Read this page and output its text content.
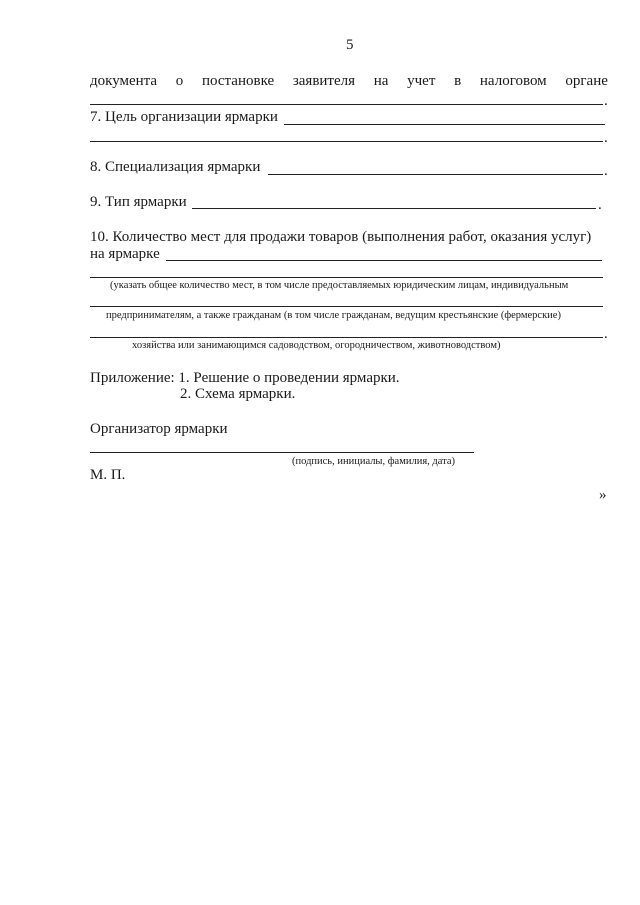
5
документа о постановке заявителя на учет в налоговом органе
.
7. Цель организации ярмарки
.
8. Специализация ярмарки	.
9. Тип ярмарки	.
10. Количество мест для продажи товаров (выполнения работ, оказания услуг)
на ярмарке
(указать общее количество мест, в том числе предоставляемых юридическим лицам, индивидуальным
предпринимателям, а также гражданам (в том числе гражданам, ведущим крестьянские (фермерские)
.
хозяйства или занимающимся садоводством, огородничеством, животноводством)
Приложение: 1. Решение о проведении ярмарки.
2. Схема ярмарки.
Организатор ярмарки
(подпись, инициалы, фамилия, дата)
М. П.
»
